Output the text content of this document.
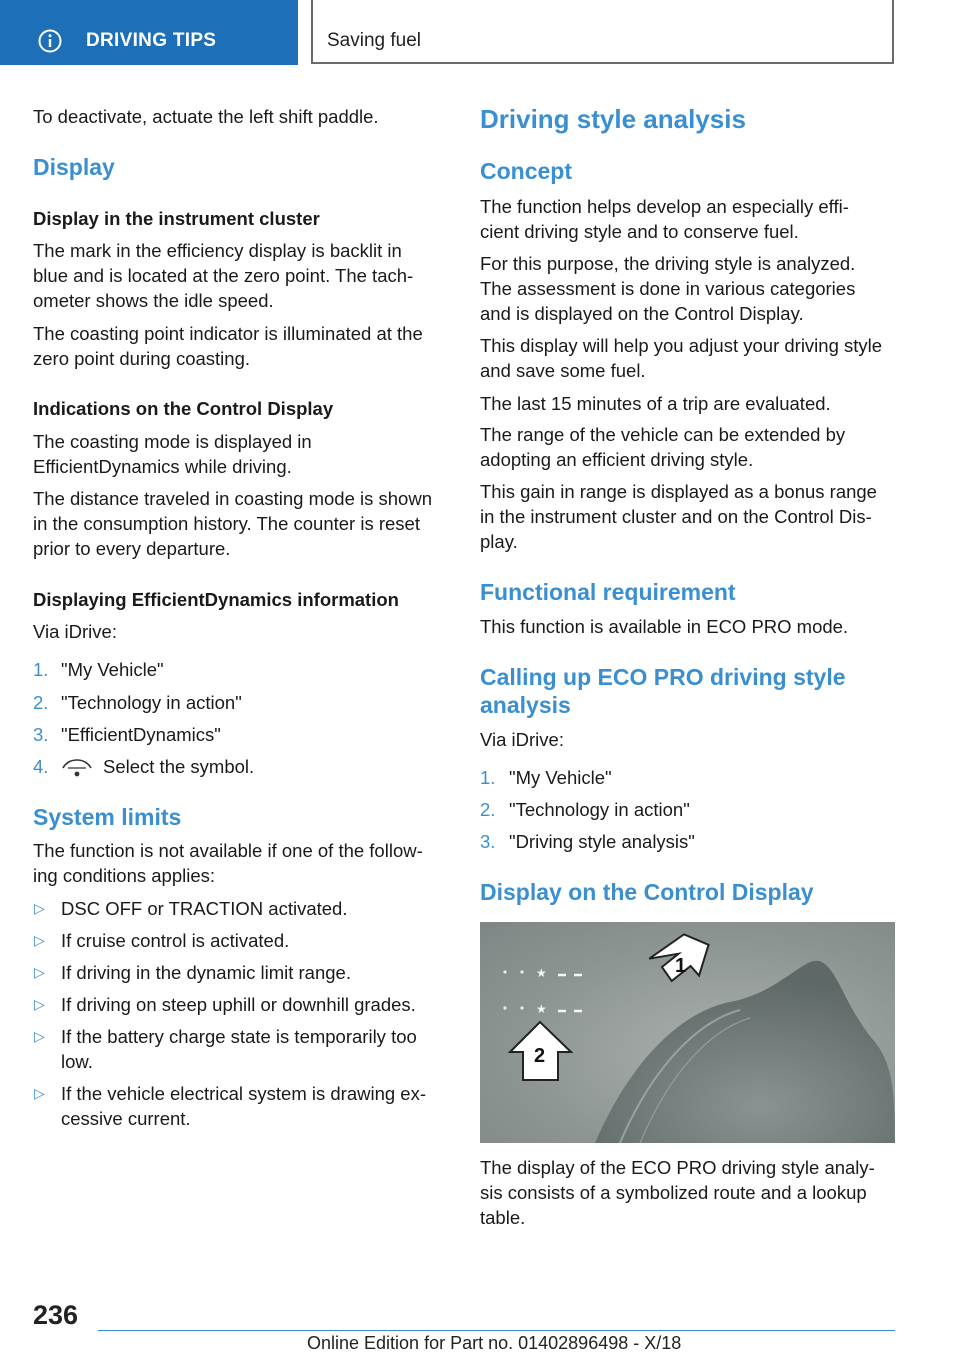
DRIVING TIPS	Saving fuel
To deactivate, actuate the left shift paddle.
Display
Display in the instrument cluster
The mark in the efficiency display is backlit in
blue and is located at the zero point. The tach‐
ometer shows the idle speed.
The coasting point indicator is illuminated at the
zero point during coasting.
Indications on the Control Display
The coasting mode is displayed in
EfficientDynamics while driving.
The distance traveled in coasting mode is shown
in the consumption history. The counter is reset
prior to every departure.
Displaying EfficientDynamics information
Via iDrive:
1. "My Vehicle"
2. "Technology in action"
3. "EfficientDynamics"
4.	Select the symbol.
System limits
The function is not available if one of the follow‐
ing conditions applies:
▷ DSC OFF or TRACTION activated.
▷ If cruise control is activated.
▷ If driving in the dynamic limit range.
▷ If driving on steep uphill or downhill grades.
▷ If the battery charge state is temporarily too
low.
▷ If the vehicle electrical system is drawing ex‐
cessive current.
Driving style analysis
Concept
The function helps develop an especially effi‐
cient driving style and to conserve fuel.
For this purpose, the driving style is analyzed.
The assessment is done in various categories
and is displayed on the Control Display.
This display will help you adjust your driving style
and save some fuel.
The last 15 minutes of a trip are evaluated.
The range of the vehicle can be extended by
adopting an efficient driving style.
This gain in range is displayed as a bonus range
in the instrument cluster and on the Control Dis‐
play.
Functional requirement
This function is available in ECO PRO mode.
Calling up ECO PRO driving style
analysis
Via iDrive:
1. "My Vehicle"
2. "Technology in action"
3. "Driving style analysis"
Display on the Control Display
★
★
1
2
The display of the ECO PRO driving style analy‐
sis consists of a symbolized route and a lookup
table.
236
Online Edition for Part no. 01402896498 - X/18
